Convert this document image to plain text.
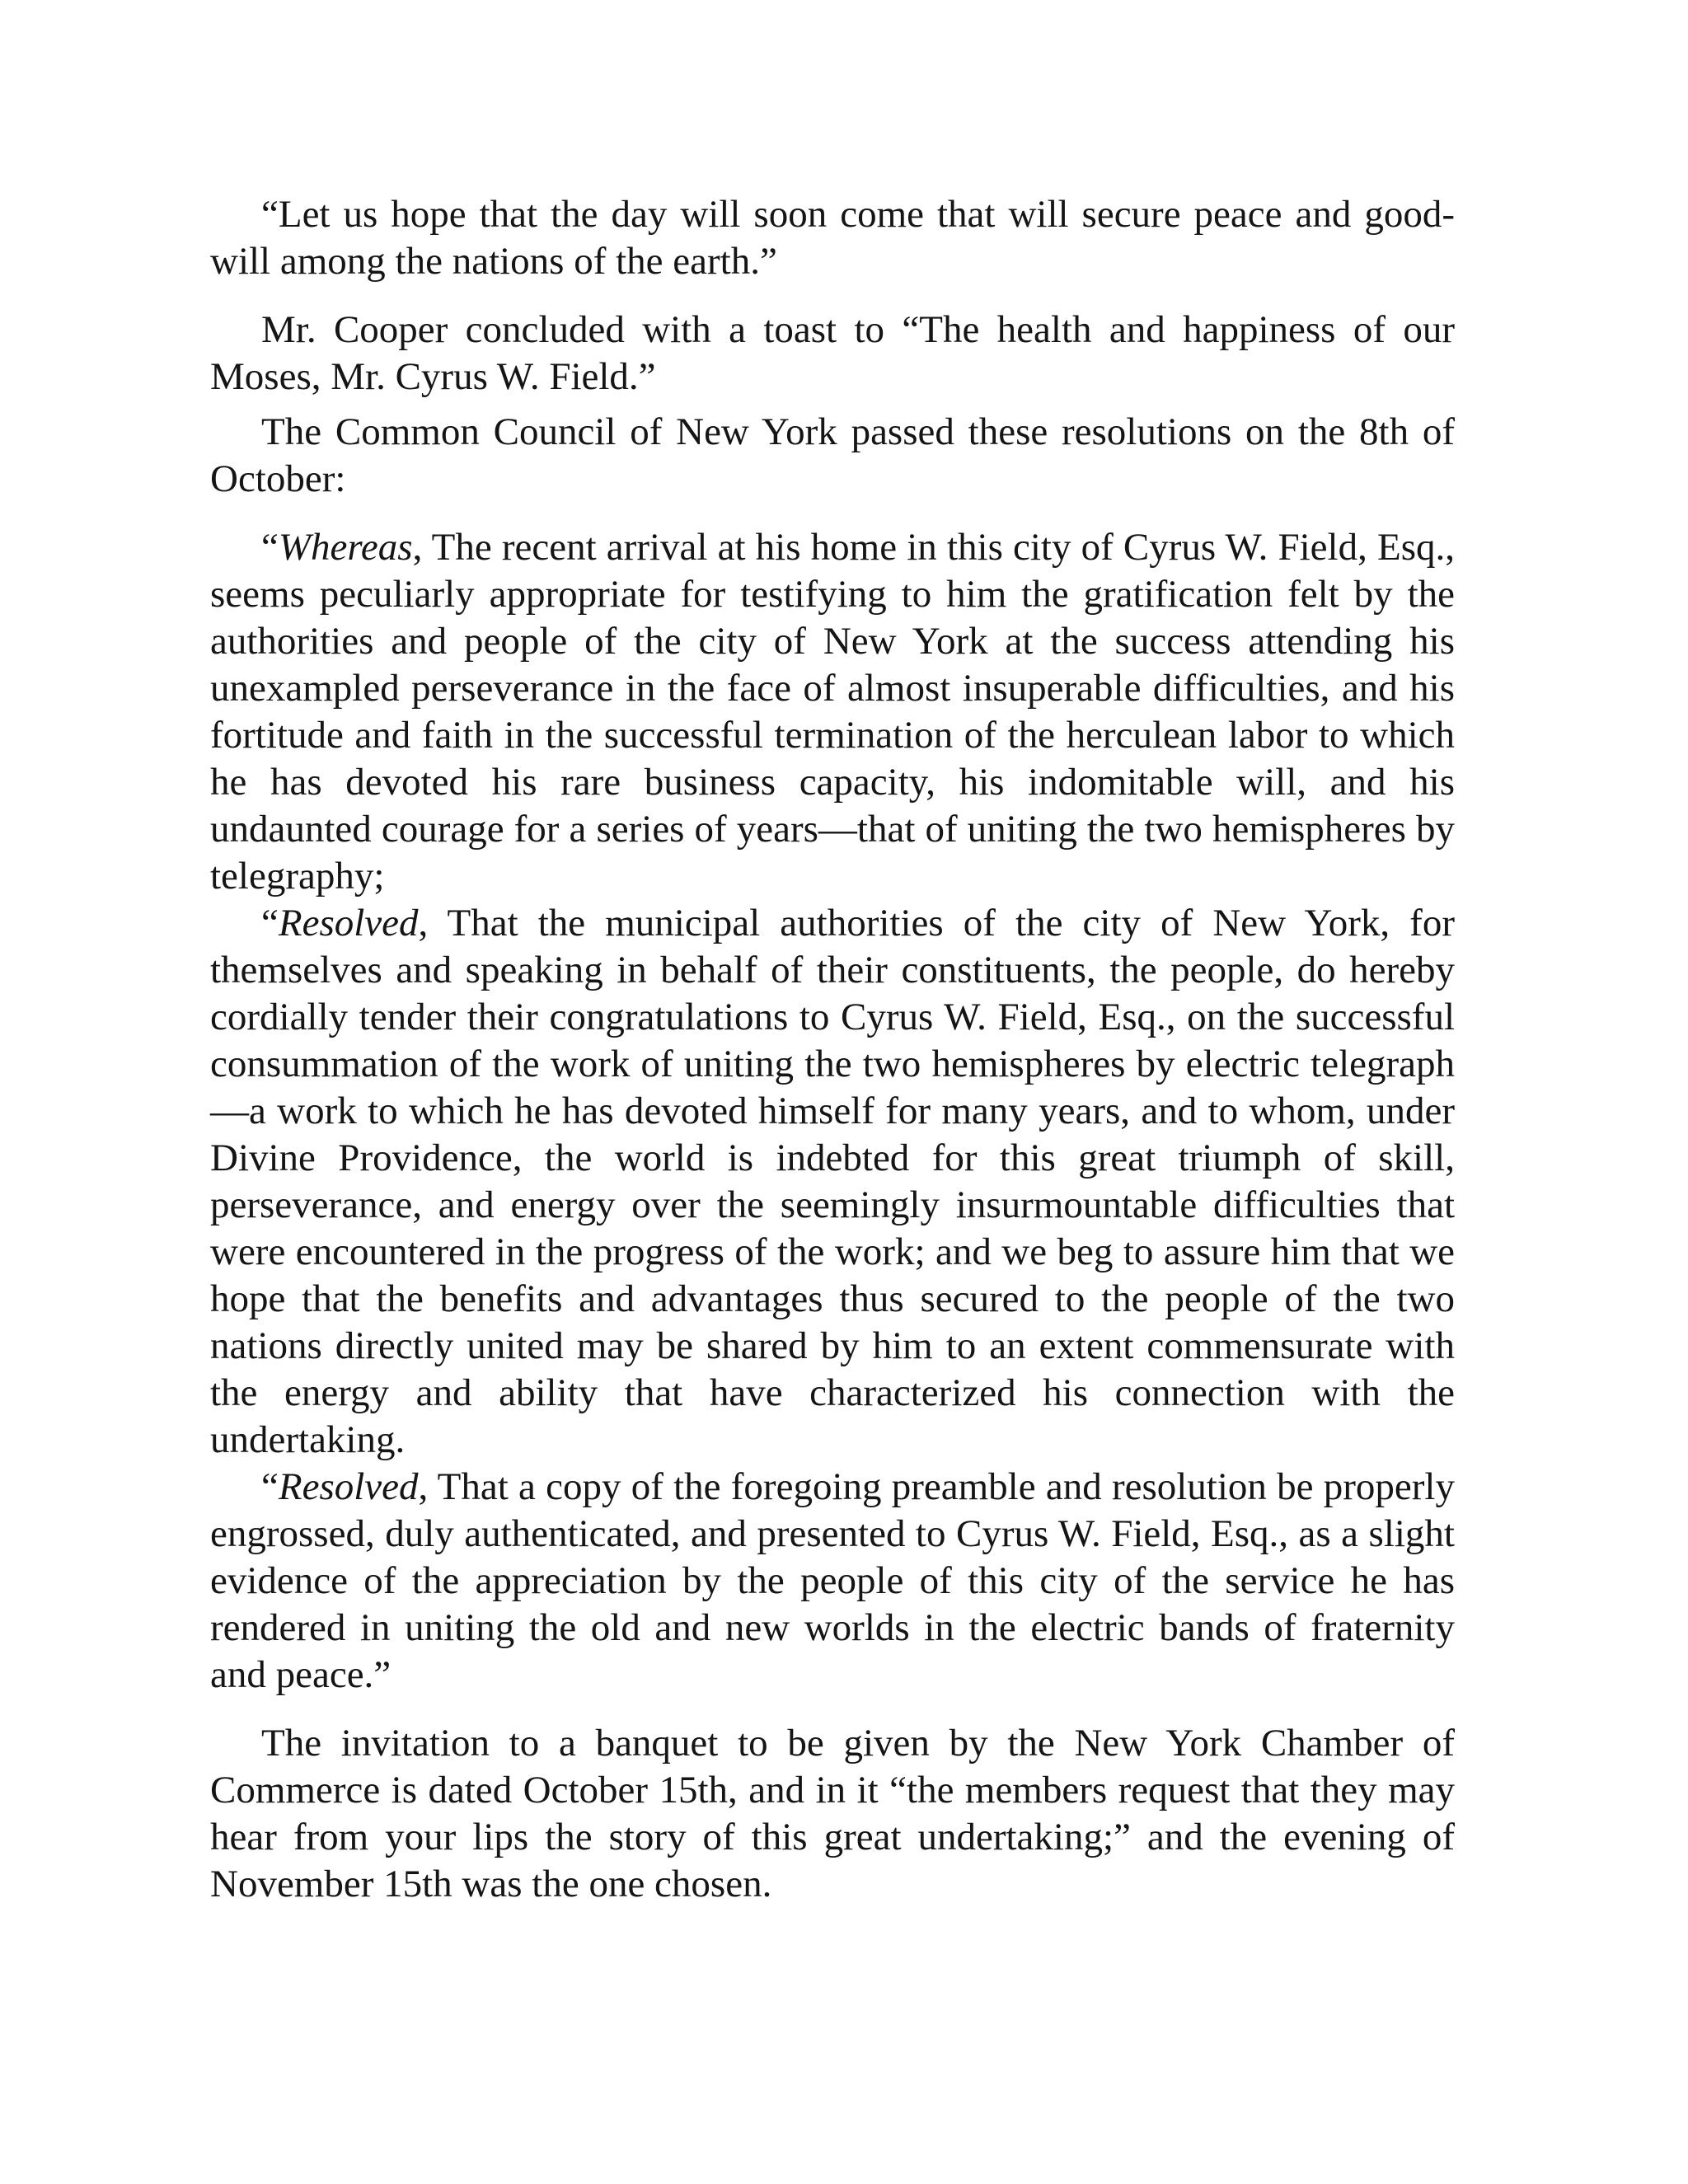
“Let us hope that the day will soon come that will secure peace and good-will among the nations of the earth.”

Mr. Cooper concluded with a toast to “The health and happiness of our Moses, Mr. Cyrus W. Field.”

The Common Council of New York passed these resolutions on the 8th of October:

“Whereas, The recent arrival at his home in this city of Cyrus W. Field, Esq., seems peculiarly appropriate for testifying to him the gratification felt by the authorities and people of the city of New York at the success attending his unexampled perseverance in the face of almost insuperable difficulties, and his fortitude and faith in the successful termination of the herculean labor to which he has devoted his rare business capacity, his indomitable will, and his undaunted courage for a series of years—that of uniting the two hemispheres by telegraphy;

“Resolved, That the municipal authorities of the city of New York, for themselves and speaking in behalf of their constituents, the people, do hereby cordially tender their congratulations to Cyrus W. Field, Esq., on the successful consummation of the work of uniting the two hemispheres by electric telegraph—a work to which he has devoted himself for many years, and to whom, under Divine Providence, the world is indebted for this great triumph of skill, perseverance, and energy over the seemingly insurmountable difficulties that were encountered in the progress of the work; and we beg to assure him that we hope that the benefits and advantages thus secured to the people of the two nations directly united may be shared by him to an extent commensurate with the energy and ability that have characterized his connection with the undertaking.

“Resolved, That a copy of the foregoing preamble and resolution be properly engrossed, duly authenticated, and presented to Cyrus W. Field, Esq., as a slight evidence of the appreciation by the people of this city of the service he has rendered in uniting the old and new worlds in the electric bands of fraternity and peace.”

The invitation to a banquet to be given by the New York Chamber of Commerce is dated October 15th, and in it “the members request that they may hear from your lips the story of this great undertaking;” and the evening of November 15th was the one chosen.
